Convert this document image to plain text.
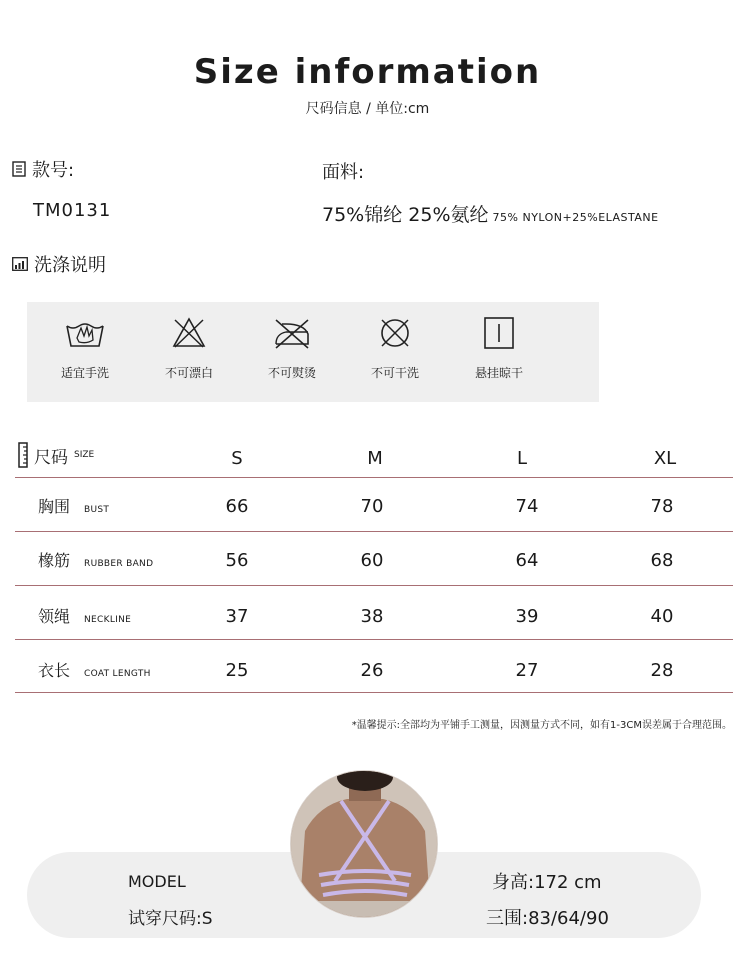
Size information
尺码信息 / 单位:cm
款号:
TM0131
面料:
75%锦纶 25%氨纶 75% NYLON+25%ELASTANE
洗涤说明
适宜手洗	不可漂白	不可熨烫	不可干洗	悬挂晾干
尺码 SIZE	S	M	L	XL
胸围 BUST	66	70	74	78
橡筋 RUBBER BAND	56	60	64	68
领绳 NECKLINE	37	38	39	40
衣长 COAT LENGTH	25	26	27	28
*温馨提示:全部均为平铺手工测量，因测量方式不同，如有1-3CM误差属于合理范围。
MODEL
试穿尺码:S
身高:172 cm
三围:83/64/90
